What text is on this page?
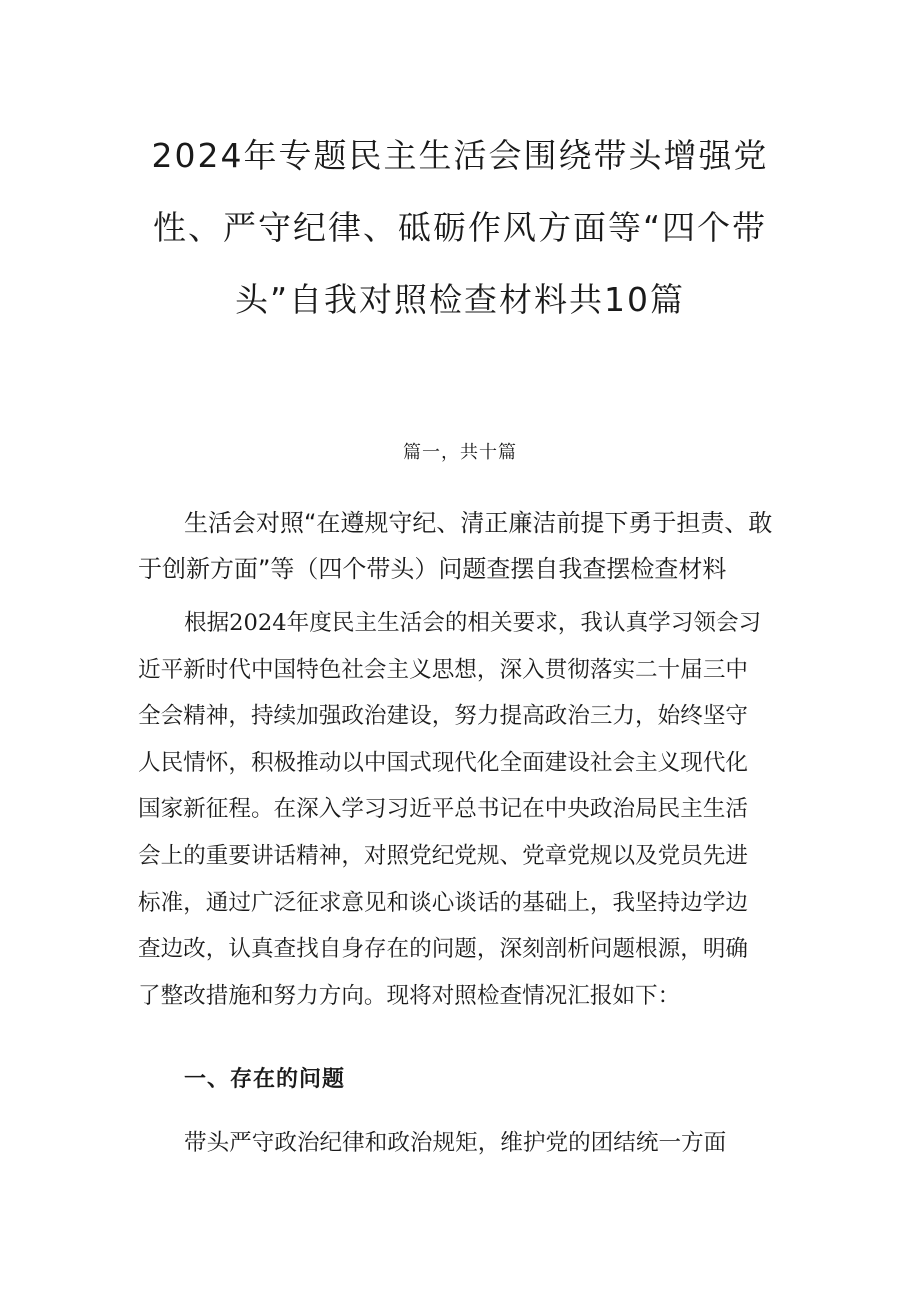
2024年专题民主生活会围绕带头增强党
性、严守纪律、砥砺作风方面等“四个带
头”自我对照检查材料共10篇
篇一，共十篇
生活会对照“在遵规守纪、清正廉洁前提下勇于担责、敢
于创新方面”等（四个带头）问题查摆自我查摆检查材料
根据2024年度民主生活会的相关要求，我认真学习领会习
近平新时代中国特色社会主义思想，深入贯彻落实二十届三中
全会精神，持续加强政治建设，努力提高政治三力，始终坚守
人民情怀，积极推动以中国式现代化全面建设社会主义现代化
国家新征程。在深入学习习近平总书记在中央政治局民主生活
会上的重要讲话精神，对照党纪党规、党章党规以及党员先进
标准，通过广泛征求意见和谈心谈话的基础上，我坚持边学边
查边改，认真查找自身存在的问题，深刻剖析问题根源，明确
了整改措施和努力方向。现将对照检查情况汇报如下：
一、存在的问题
带头严守政治纪律和政治规矩，维护党的团结统一方面
